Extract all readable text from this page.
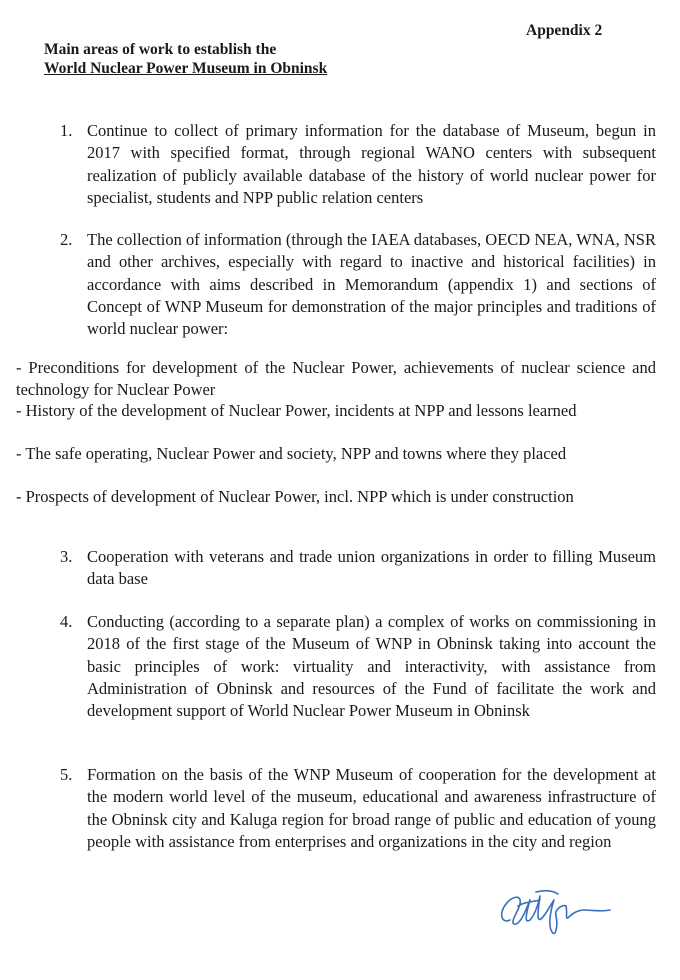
Appendix 2
Main areas of work to establish the
World Nuclear Power Museum in Obninsk
1. Continue to collect of primary information for the database of Museum, begun in 2017 with specified format, through regional WANO centers with subsequent realization of publicly available database of the history of world nuclear power for specialist, students and NPP public relation centers
2. The collection of information (through the IAEA databases, OECD NEA, WNA, NSR and other archives, especially with regard to inactive and historical facilities) in accordance with aims described in Memorandum (appendix 1) and sections of Concept of WNP Museum for demonstration of the major principles and traditions of world nuclear power:
- Preconditions for development of the Nuclear Power, achievements of nuclear science and technology for Nuclear Power
- History of the development of Nuclear Power, incidents at NPP and lessons learned
- The safe operating, Nuclear Power and society, NPP and towns where they placed
- Prospects of development of Nuclear Power, incl. NPP which is under construction
3. Cooperation with veterans and trade union organizations in order to filling Museum data base
4. Conducting (according to a separate plan) a complex of works on commissioning in 2018 of the first stage of the Museum of WNP in Obninsk taking into account the basic principles of work: virtuality and interactivity, with assistance from Administration of Obninsk and resources of the Fund of facilitate the work and development support of World Nuclear Power Museum in Obninsk
5. Formation on the basis of the WNP Museum of cooperation for the development at the modern world level of the museum, educational and awareness infrastructure of the Obninsk city and Kaluga region for broad range of public and education of young people with assistance from enterprises and organizations in the city and region
